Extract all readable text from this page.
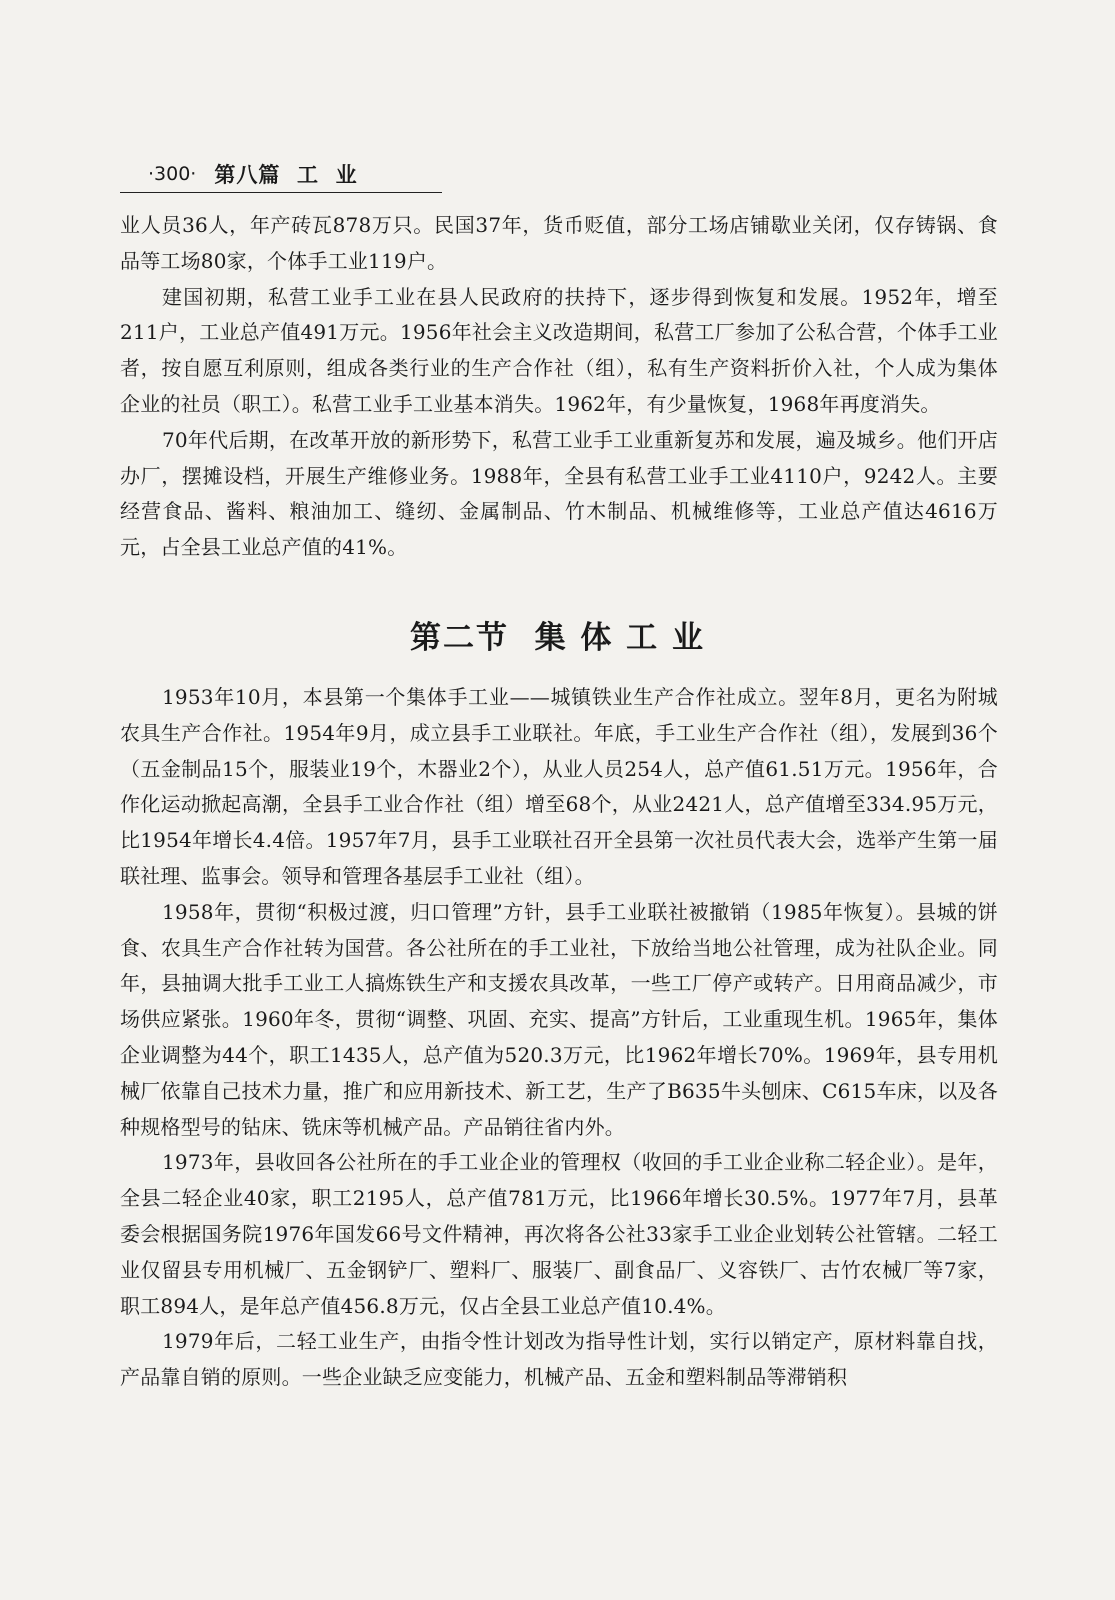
·300· 第八篇  工  业

业人员36人，年产砖瓦878万只。民国37年，货币贬值，部分工场店铺歇业关闭，仅存铸锅、食品等工场80家，个体手工业119户。

建国初期，私营工业手工业在县人民政府的扶持下，逐步得到恢复和发展。1952年，增至211户，工业总产值491万元。1956年社会主义改造期间，私营工厂参加了公私合营，个体手工业者，按自愿互利原则，组成各类行业的生产合作社（组），私有生产资料折价入社，个人成为集体企业的社员（职工）。私营工业手工业基本消失。1962年，有少量恢复，1968年再度消失。

70年代后期，在改革开放的新形势下，私营工业手工业重新复苏和发展，遍及城乡。他们开店办厂，摆摊设档，开展生产维修业务。1988年，全县有私营工业手工业4110户，9242人。主要经营食品、酱料、粮油加工、缝纫、金属制品、竹木制品、机械维修等，工业总产值达4616万元，占全县工业总产值的41%。

第二节  集 体 工 业

1953年10月，本县第一个集体手工业——城镇铁业生产合作社成立。翌年8月，更名为附城农具生产合作社。1954年9月，成立县手工业联社。年底，手工业生产合作社（组），发展到36个（五金制品15个，服装业19个，木器业2个），从业人员254人，总产值61.51万元。1956年，合作化运动掀起高潮，全县手工业合作社（组）增至68个，从业2421人，总产值增至334.95万元，比1954年增长4.4倍。1957年7月，县手工业联社召开全县第一次社员代表大会，选举产生第一届联社理、监事会。领导和管理各基层手工业社（组）。

1958年，贯彻“积极过渡，归口管理”方针，县手工业联社被撤销（1985年恢复）。县城的饼食、农具生产合作社转为国营。各公社所在的手工业社，下放给当地公社管理，成为社队企业。同年，县抽调大批手工业工人搞炼铁生产和支援农具改革，一些工厂停产或转产。日用商品减少，市场供应紧张。1960年冬，贯彻“调整、巩固、充实、提高”方针后，工业重现生机。1965年，集体企业调整为44个，职工1435人，总产值为520.3万元，比1962年增长70%。1969年，县专用机械厂依靠自己技术力量，推广和应用新技术、新工艺，生产了B635牛头刨床、C615车床，以及各种规格型号的钻床、铣床等机械产品。产品销往省内外。

1973年，县收回各公社所在的手工业企业的管理权（收回的手工业企业称二轻企业）。是年，全县二轻企业40家，职工2195人，总产值781万元，比1966年增长30.5%。1977年7月，县革委会根据国务院1976年国发66号文件精神，再次将各公社33家手工业企业划转公社管辖。二轻工业仅留县专用机械厂、五金钢铲厂、塑料厂、服装厂、副食品厂、义容铁厂、古竹农械厂等7家，职工894人，是年总产值456.8万元，仅占全县工业总产值10.4%。

1979年后，二轻工业生产，由指令性计划改为指导性计划，实行以销定产，原材料靠自找，产品靠自销的原则。一些企业缺乏应变能力，机械产品、五金和塑料制品等滞销积
